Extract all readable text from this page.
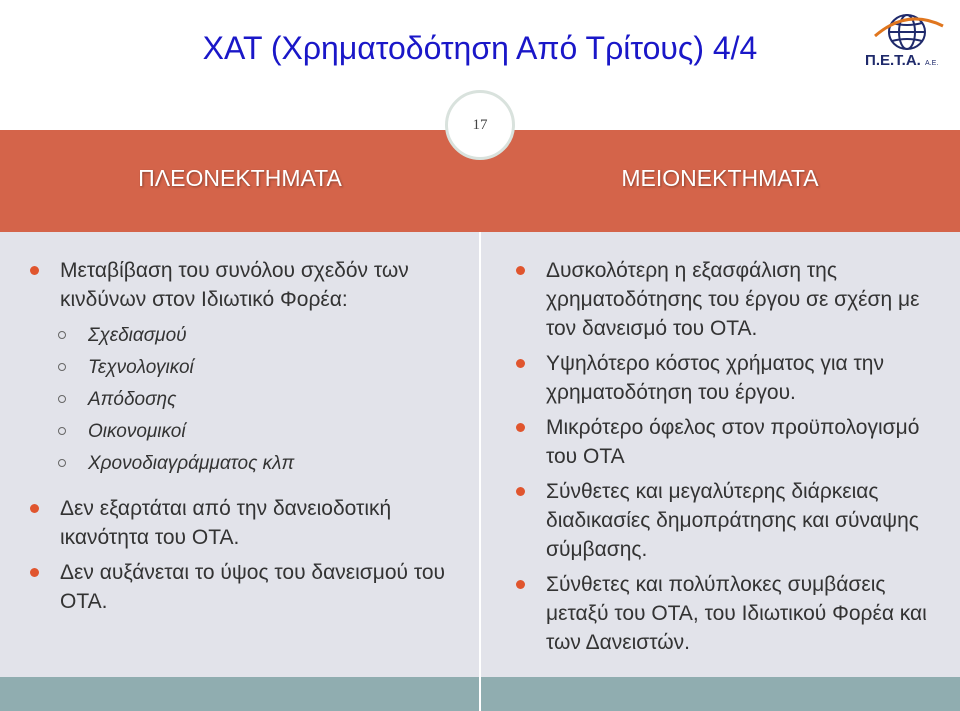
ΧΑΤ (Χρηματοδότηση Από Τρίτους) 4/4	Π.Ε.Τ.Α. Α.Ε.
ΠΛΕΟΝΕΚΤΗΜΑΤΑ	ΜΕΙΟΝΕΚΤΗΜΑΤΑ
17
Μεταβίβαση του συνόλου σχεδόν των κινδύνων στον Ιδιωτικό Φορέα:
Σχεδιασμού
Τεχνολογικοί
Απόδοσης
Οικονομικοί
Χρονοδιαγράμματος κλπ
Δεν εξαρτάται από την δανειοδοτική ικανότητα του ΟΤΑ.
Δεν αυξάνεται το ύψος του δανεισμού του ΟΤΑ.
Δυσκολότερη η εξασφάλιση της χρηματοδότησης του έργου σε σχέση με τον δανεισμό του ΟΤΑ.
Υψηλότερο κόστος χρήματος για την χρηματοδότηση του έργου.
Μικρότερο όφελος στον προϋπολογισμό του ΟΤΑ
Σύνθετες και μεγαλύτερης διάρκειας διαδικασίες δημοπράτησης και σύναψης σύμβασης.
Σύνθετες και πολύπλοκες συμβάσεις μεταξύ του ΟΤΑ, του Ιδιωτικού Φορέα και των Δανειστών.
